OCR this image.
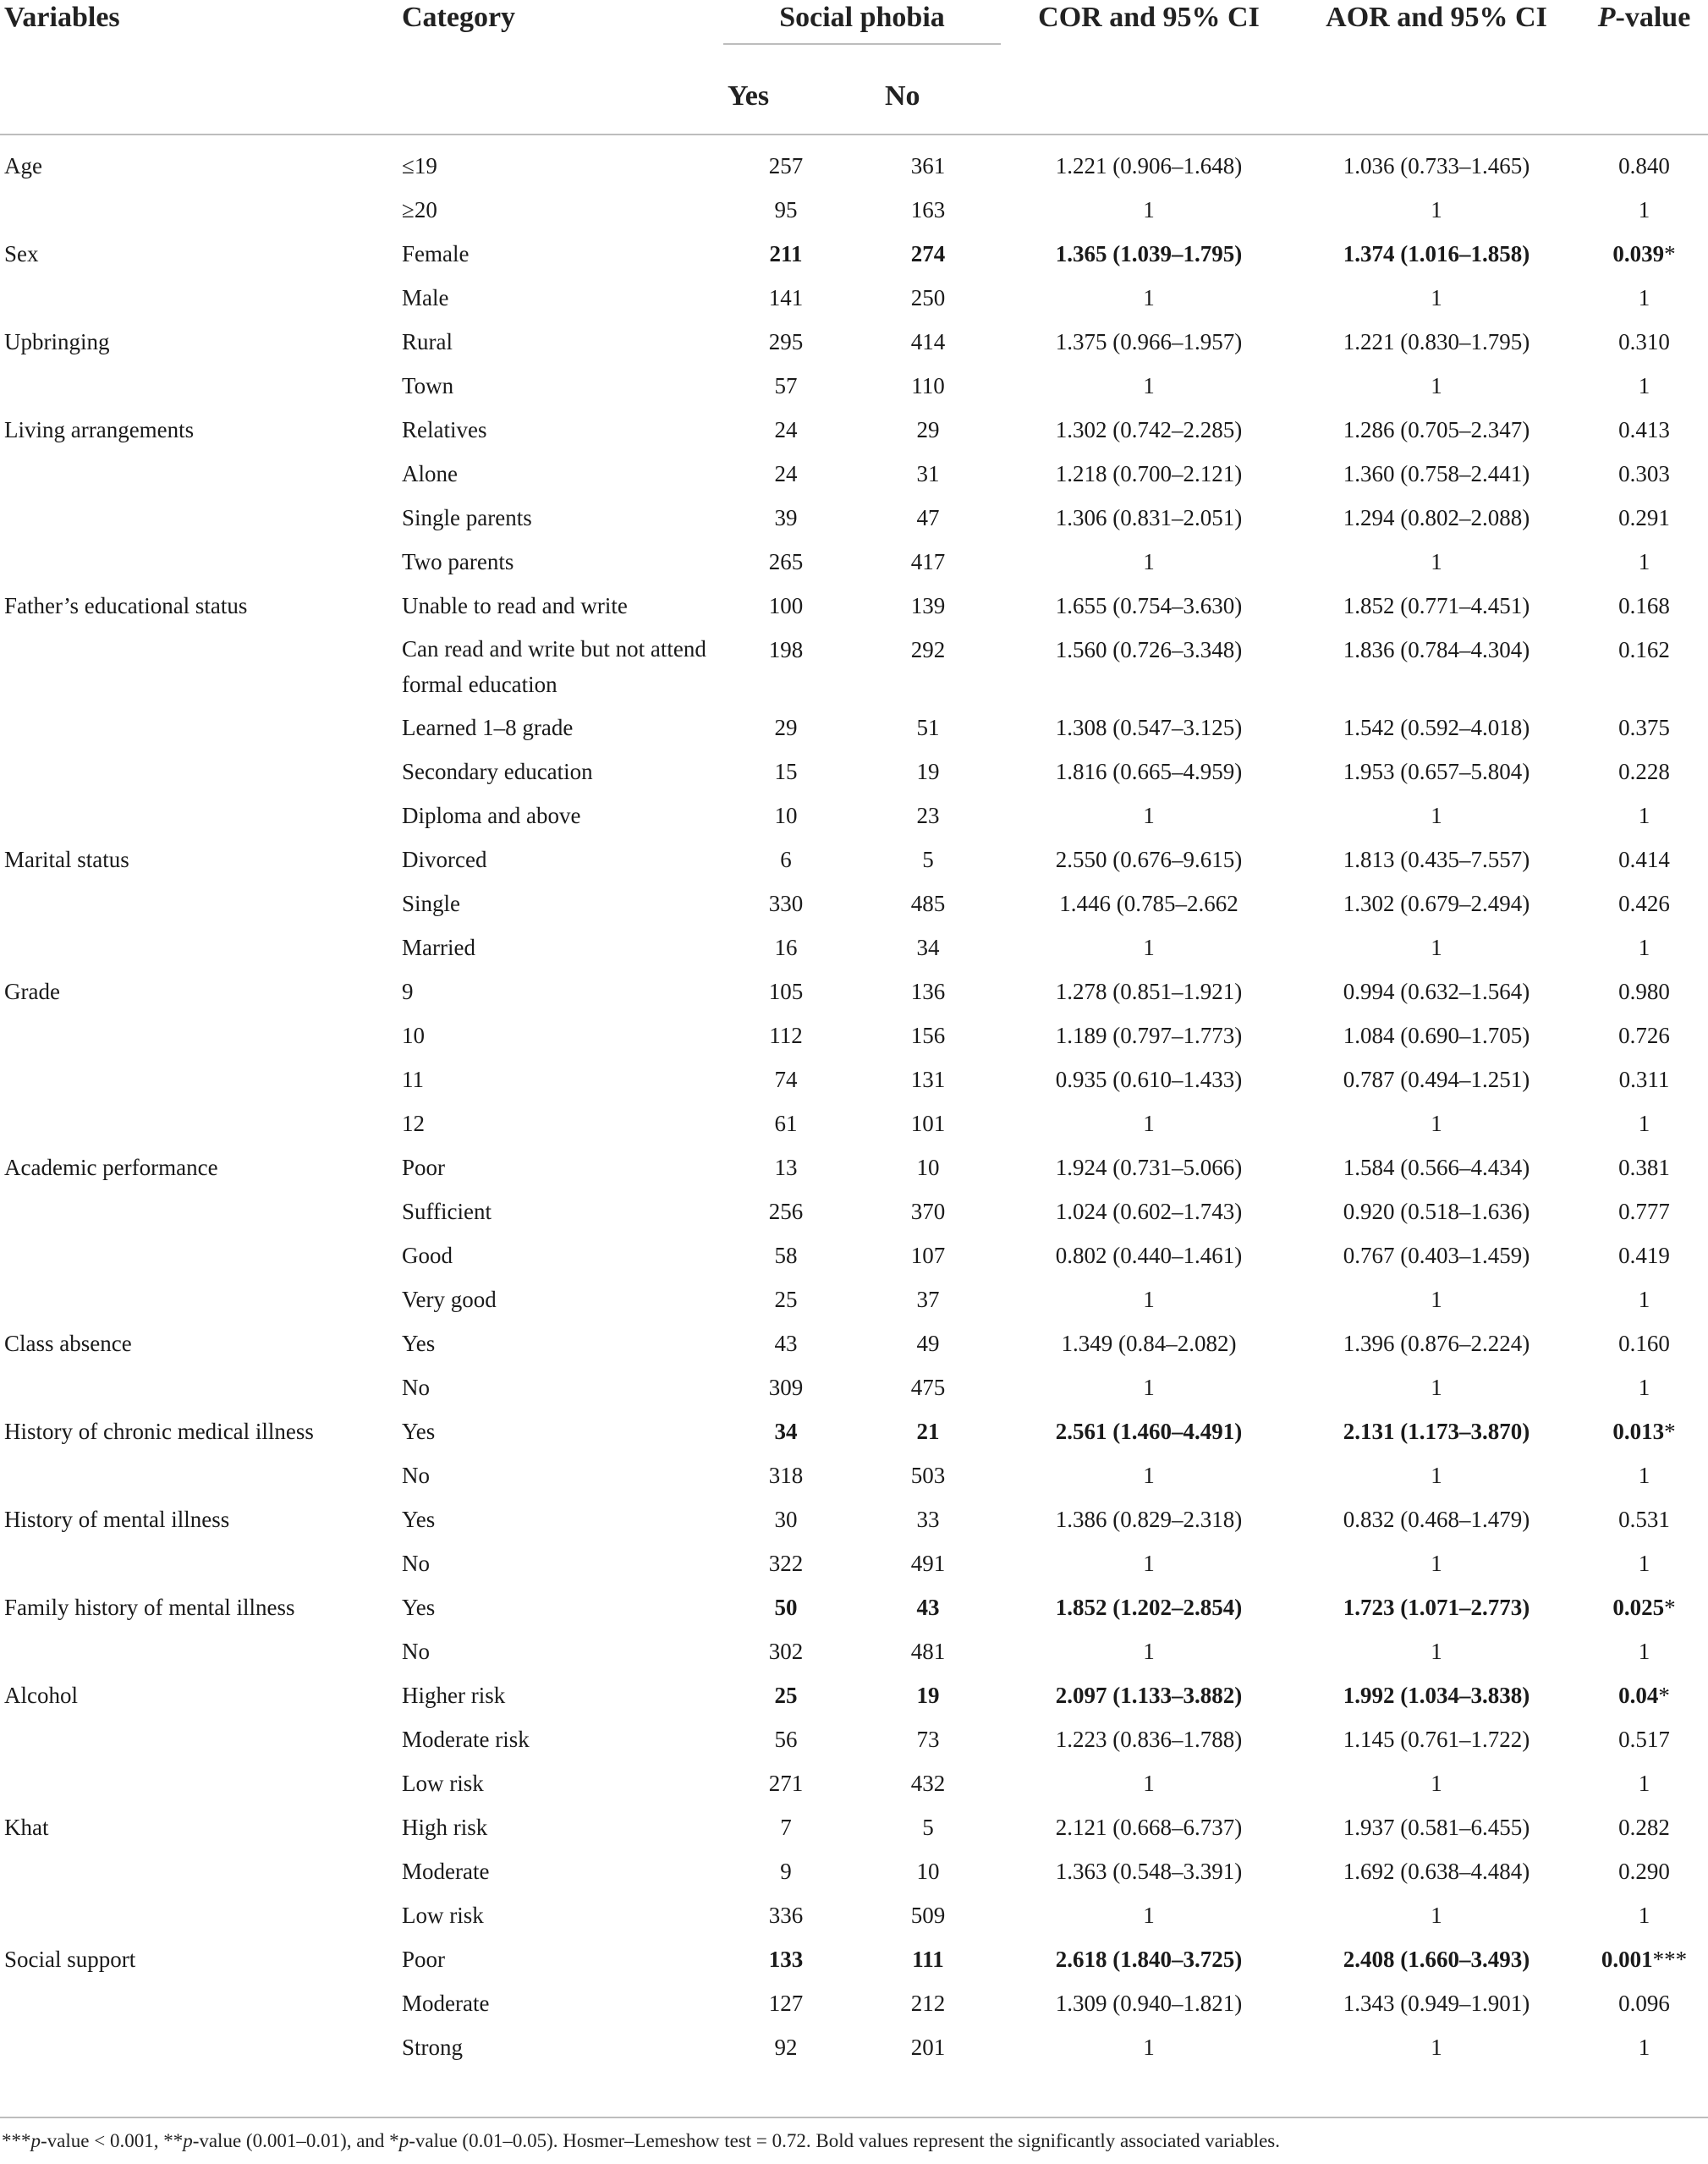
Variables	Category	Social phobia		COR and 95% CI	AOR and 95% CI	P-value
		Yes	No			

Age	≤19	257	361	1.221 (0.906–1.648)	1.036 (0.733–1.465)	0.840
	≥20	95	163	1	1	1
Sex	Female	211	274	1.365 (1.039–1.795)	1.374 (1.016–1.858)	0.039*
	Male	141	250	1	1	1
Upbringing	Rural	295	414	1.375 (0.966–1.957)	1.221 (0.830–1.795)	0.310
	Town	57	110	1	1	1
Living arrangements	Relatives	24	29	1.302 (0.742–2.285)	1.286 (0.705–2.347)	0.413
	Alone	24	31	1.218 (0.700–2.121)	1.360 (0.758–2.441)	0.303
	Single parents	39	47	1.306 (0.831–2.051)	1.294 (0.802–2.088)	0.291
	Two parents	265	417	1	1	1
Father’s educational status	Unable to read and write	100	139	1.655 (0.754–3.630)	1.852 (0.771–4.451)	0.168

	Can read and write but not attend formal education	198	292	1.560 (0.726–3.348)	1.836 (0.784–4.304)	0.162
	Learned 1–8 grade	29	51	1.308 (0.547–3.125)	1.542 (0.592–4.018)	0.375
	Secondary education	15	19	1.816 (0.665–4.959)	1.953 (0.657–5.804)	0.228
	Diploma and above	10	23	1	1	1
Marital status	Divorced	6	5	2.550 (0.676–9.615)	1.813 (0.435–7.557)	0.414
	Single	330	485	1.446 (0.785–2.662	1.302 (0.679–2.494)	0.426
	Married	16	34	1	1	1
Grade	9	105	136	1.278 (0.851–1.921)	0.994 (0.632–1.564)	0.980
	10	112	156	1.189 (0.797–1.773)	1.084 (0.690–1.705)	0.726
	11	74	131	0.935 (0.610–1.433)	0.787 (0.494–1.251)	0.311
	12	61	101	1	1	1
Academic performance	Poor	13	10	1.924 (0.731–5.066)	1.584 (0.566–4.434)	0.381
	Sufficient	256	370	1.024 (0.602–1.743)	0.920 (0.518–1.636)	0.777
	Good	58	107	0.802 (0.440–1.461)	0.767 (0.403–1.459)	0.419
	Very good	25	37	1	1	1
Class absence	Yes	43	49	1.349 (0.84–2.082)	1.396 (0.876–2.224)	0.160
	No	309	475	1	1	1
History of chronic medical illness	Yes	34	21	2.561 (1.460–4.491)	2.131 (1.173–3.870)	0.013*
	No	318	503	1	1	1
History of mental illness	Yes	30	33	1.386 (0.829–2.318)	0.832 (0.468–1.479)	0.531
	No	322	491	1	1	1
Family history of mental illness	Yes	50	43	1.852 (1.202–2.854)	1.723 (1.071–2.773)	0.025*
	No	302	481	1	1	1
Alcohol	Higher risk	25	19	2.097 (1.133–3.882)	1.992 (1.034–3.838)	0.04*
	Moderate risk	56	73	1.223 (0.836–1.788)	1.145 (0.761–1.722)	0.517
	Low risk	271	432	1	1	1
Khat	High risk	7	5	2.121 (0.668–6.737)	1.937 (0.581–6.455)	0.282
	Moderate	9	10	1.363 (0.548–3.391)	1.692 (0.638–4.484)	0.290
	Low risk	336	509	1	1	1
Social support	Poor	133	111	2.618 (1.840–3.725)	2.408 (1.660–3.493)	0.001***
	Moderate	127	212	1.309 (0.940–1.821)	1.343 (0.949–1.901)	0.096
	Strong	92	201	1	1	1
***p-value < 0.001, **p-value (0.001–0.01), and *p-value (0.01–0.05). Hosmer–Lemeshow test = 0.72. Bold values represent the significantly associated variables.
